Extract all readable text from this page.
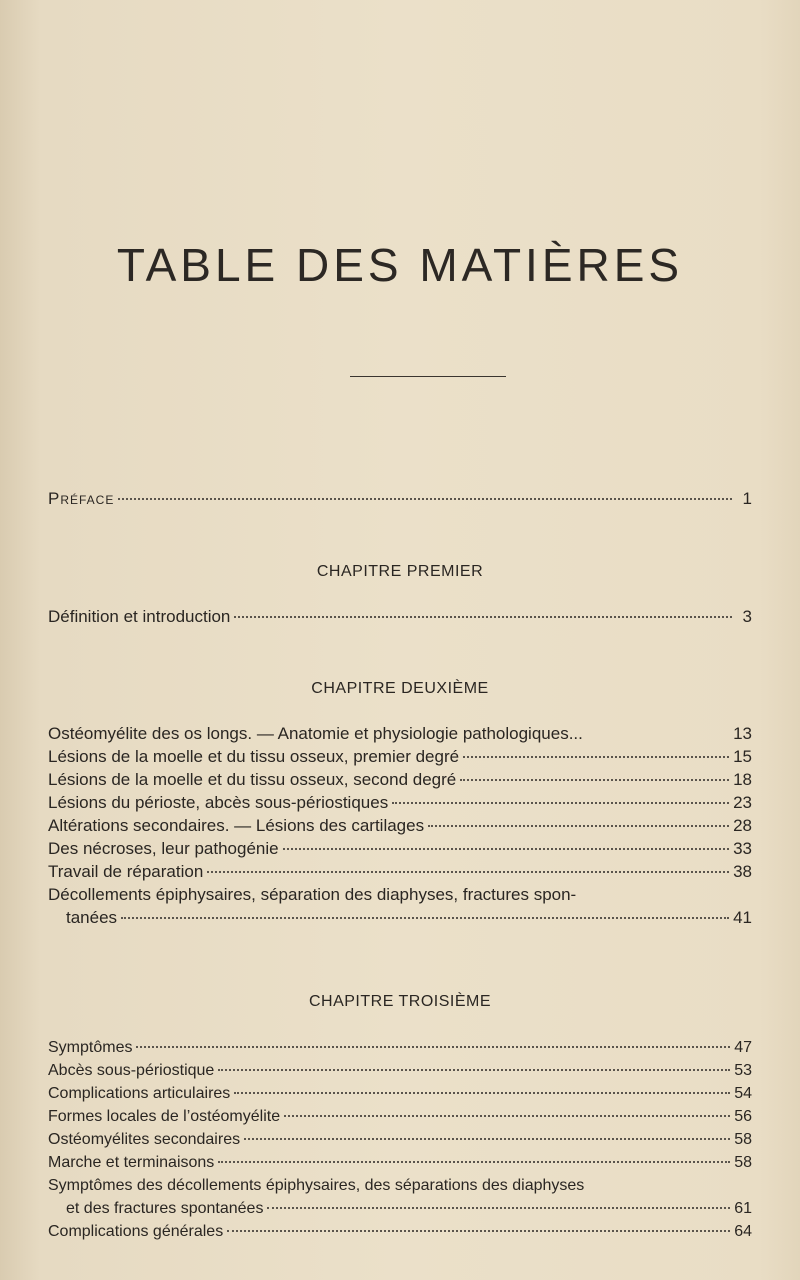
TABLE DES MATIÈRES
Préface	1
CHAPITRE PREMIER
Définition et introduction	3
CHAPITRE DEUXIÈME
Ostéomyélite des os longs. — Anatomie et physiologie pathologiques...	13
Lésions de la moelle et du tissu osseux, premier degré	15
Lésions de la moelle et du tissu osseux, second degré	18
Lésions du périoste, abcès sous-périostiques	23
Altérations secondaires. — Lésions des cartilages	28
Des nécroses, leur pathogénie	33
Travail de réparation	38
Décollements épiphysaires, séparation des diaphyses, fractures spon-
tanées	41
CHAPITRE TROISIÈME
Symptômes	47
Abcès sous-périostique	53
Complications articulaires	54
Formes locales de l’ostéomyélite	56
Ostéomyélites secondaires	58
Marche et terminaisons	58
Symptômes des décollements épiphysaires, des séparations des diaphyses
et des fractures spontanées	61
Complications générales	64
